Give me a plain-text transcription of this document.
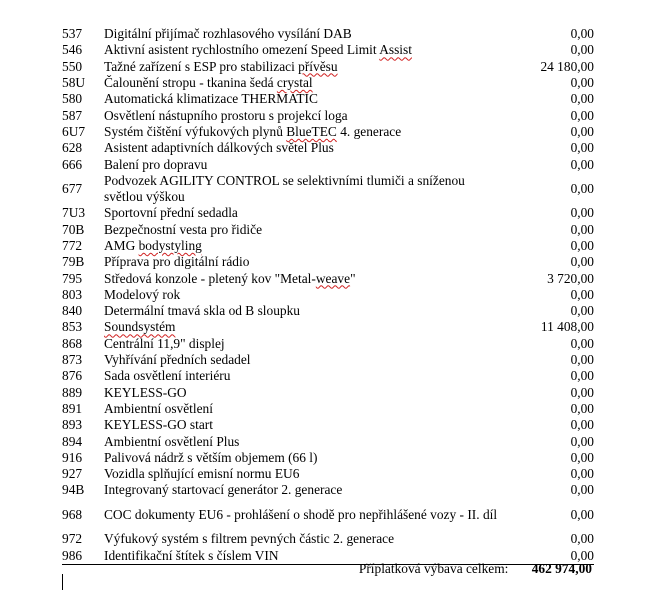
537	Digitální přijímač rozhlasového vysílání DAB	0,00
546	Aktivní asistent rychlostního omezení Speed Limit Assist	0,00
550	Tažné zařízení s ESP pro stabilizaci přívěsu	24 180,00
58U	Čalounění stropu - tkanina šedá crystal	0,00
580	Automatická klimatizace THERMATIC	0,00
587	Osvětlení nástupního prostoru s projekcí loga	0,00
6U7	Systém čištění výfukových plynů BlueTEC 4. generace	0,00
628	Asistent adaptivních dálkových světel Plus	0,00
666	Balení pro dopravu	0,00
677	Podvozek AGILITY CONTROL se selektivními tlumiči a sníženou světlou výškou	0,00
7U3	Sportovní přední sedadla	0,00
70B	Bezpečnostní vesta pro řidiče	0,00
772	AMG bodystyling	0,00
79B	Příprava pro digitální rádio	0,00
795	Středová konzole - pletený kov "Metal-weave"	3 720,00
803	Modelový rok	0,00
840	Determální tmavá skla od B sloupku	0,00
853	Soundsystém	11 408,00
868	Centrální 11,9" displej	0,00
873	Vyhřívání předních sedadel	0,00
876	Sada osvětlení interiéru	0,00
889	KEYLESS-GO	0,00
891	Ambientní osvětlení	0,00
893	KEYLESS-GO start	0,00
894	Ambientní osvětlení Plus	0,00
916	Palivová nádrž s větším objemem (66 l)	0,00
927	Vozidla splňující emisní normu EU6	0,00
94B	Integrovaný startovací generátor 2. generace	0,00
968	COC dokumenty EU6 - prohlášení o shodě pro nepřihlášené vozy - II. díl	0,00
972	Výfukový systém s filtrem pevných částic 2. generace	0,00
986	Identifikační štítek s číslem VIN	0,00
Příplatková výbava celkem: 462 974,00
